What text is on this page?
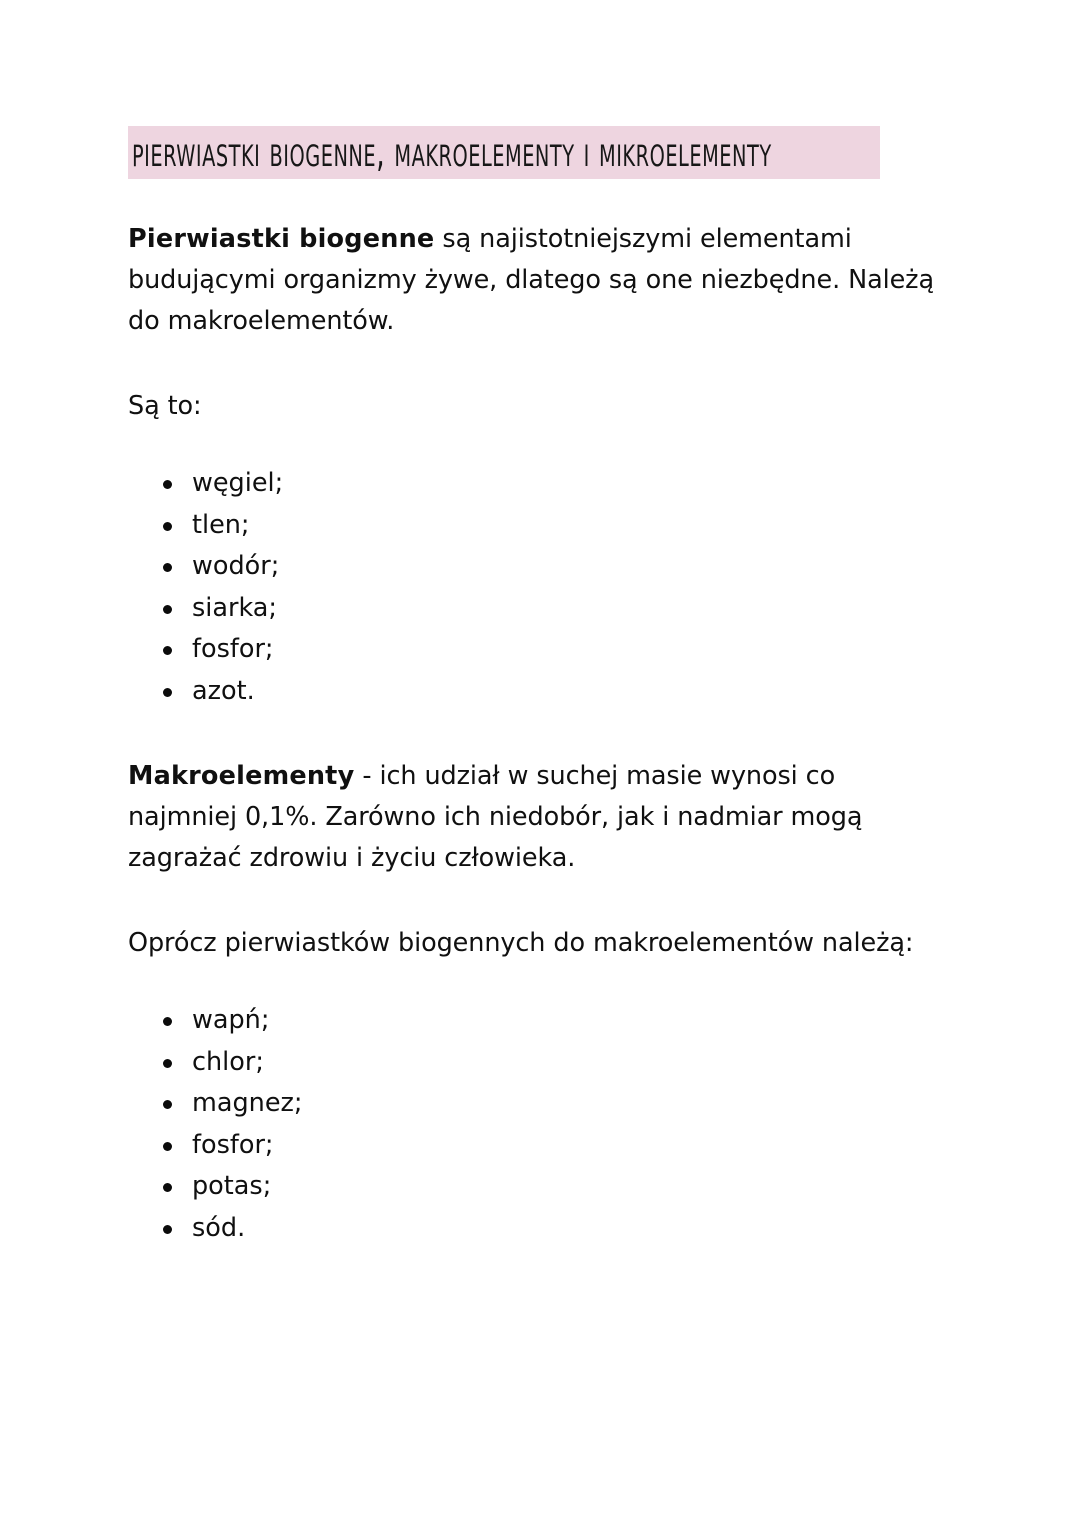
pierwiastki biogenne, makroelementy i mikroelementy

Pierwiastki biogenne są najistotniejszymi elementami budującymi organizmy żywe, dlatego są one niezbędne. Należą do makroelementów.

Są to:

węgiel;
tlen;
wodór;
siarka;
fosfor;
azot.

Makroelementy - ich udział w suchej masie wynosi co najmniej 0,1%. Zarówno ich niedobór, jak i nadmiar mogą zagrażać zdrowiu i życiu człowieka.

Oprócz pierwiastków biogennych do makroelementów należą:

wapń;
chlor;
magnez;
fosfor;
potas;
sód.
